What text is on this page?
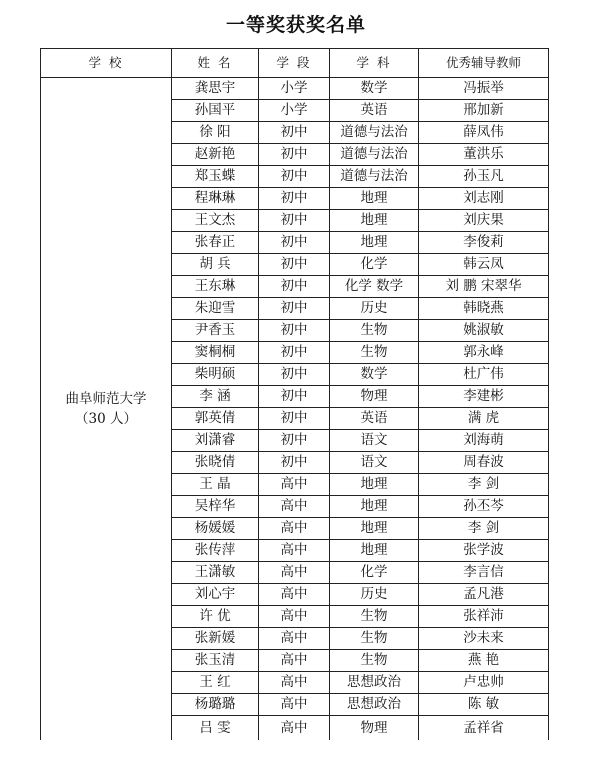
一等奖获奖名单
学 校	姓 名	学 段	学 科	优秀辅导教师

曲阜师范大学
（30 人）	龚思宇	小学	数学	冯振举
	孙国平	小学	英语	邢加新
	徐 阳	初中	道德与法治	薛凤伟
	赵新艳	初中	道德与法治	董洪乐
	郑玉蝶	初中	道德与法治	孙玉凡
	程琳琳	初中	地理	刘志刚
	王文杰	初中	地理	刘庆果
	张春正	初中	地理	李俊莉
	胡 兵	初中	化学	韩云凤
	王东琳	初中	化学 数学	刘 鹏 宋翠华
	朱迎雪	初中	历史	韩晓燕
	尹香玉	初中	生物	姚淑敏
	窦桐桐	初中	生物	郭永峰
	柴明硕	初中	数学	杜广伟
	李 涵	初中	物理	李建彬
	郭英倩	初中	英语	满 虎
	刘潇睿	初中	语文	刘海萌
	张晓倩	初中	语文	周春波
	王 晶	高中	地理	李 剑
	吴梓华	高中	地理	孙丕芩
	杨媛媛	高中	地理	李 剑
	张传萍	高中	地理	张学波
	王潇敏	高中	化学	李言信
	刘心宇	高中	历史	孟凡港
	许 优	高中	生物	张祥沛
	张新媛	高中	生物	沙未来
	张玉清	高中	生物	燕 艳
	王 红	高中	思想政治	卢忠帅
	杨璐璐	高中	思想政治	陈 敏
	吕 雯	高中	物理	孟祥省
